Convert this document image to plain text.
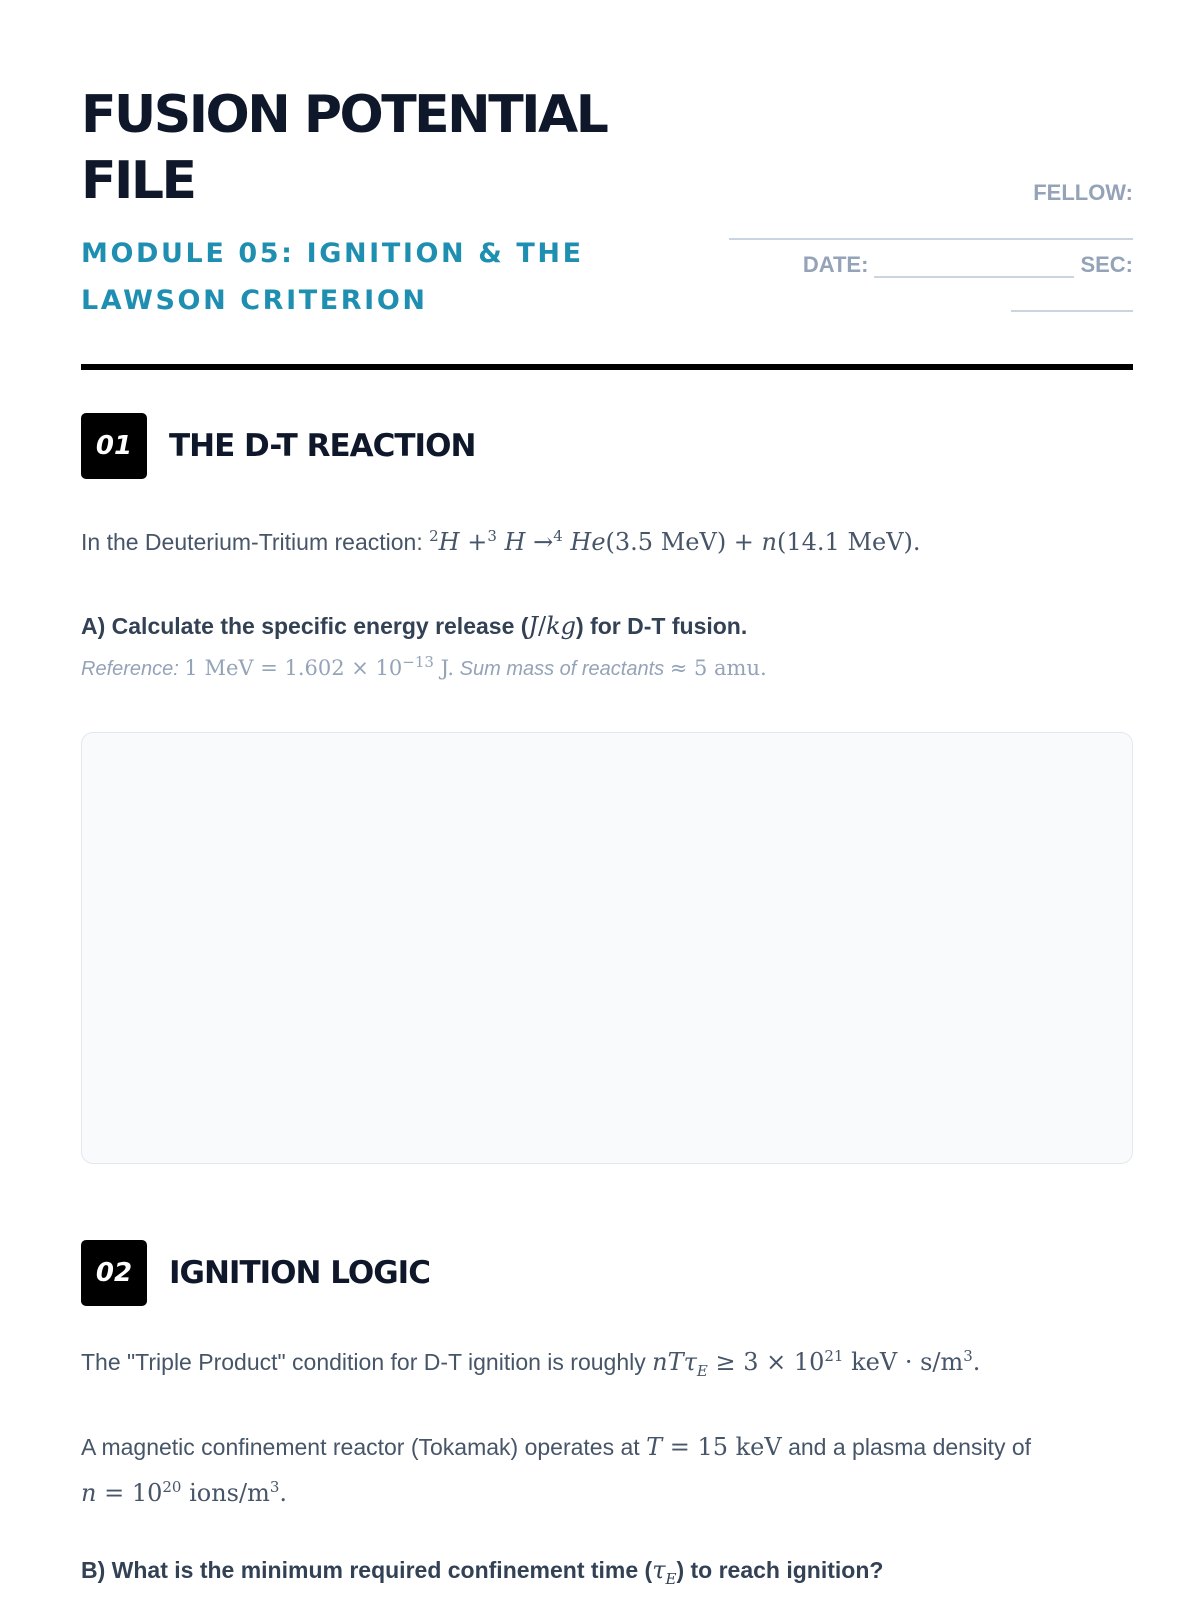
FUSION POTENTIAL FILE
MODULE 05: IGNITION & THE LAWSON CRITERION
FELLOW:
DATE:	SEC:
01	THE D-T REACTION
In the Deuterium-Tritium reaction: $^2$H +$^3$ H →$^4$ He(3.5 MeV) + n(14.1 MeV).
A) Calculate the specific energy release (J/kg) for D-T fusion.
Reference: 1 MeV = $1.602 \times 10^{-13}$ J. Sum mass of reactants ≈ 5 amu.
02	IGNITION LOGIC
The "Triple Product" condition for D-T ignition is roughly $nT\tau_E \ge 3 \times 10^{21}$ keV · $s/m^3$.
A magnetic confinement reactor (Tokamak) operates at T = 15 keV and a plasma density of
$n = 10^{20}$ ions/$m^3$.
B) What is the minimum required confinement time $(\tau_E)$ to reach ignition?
